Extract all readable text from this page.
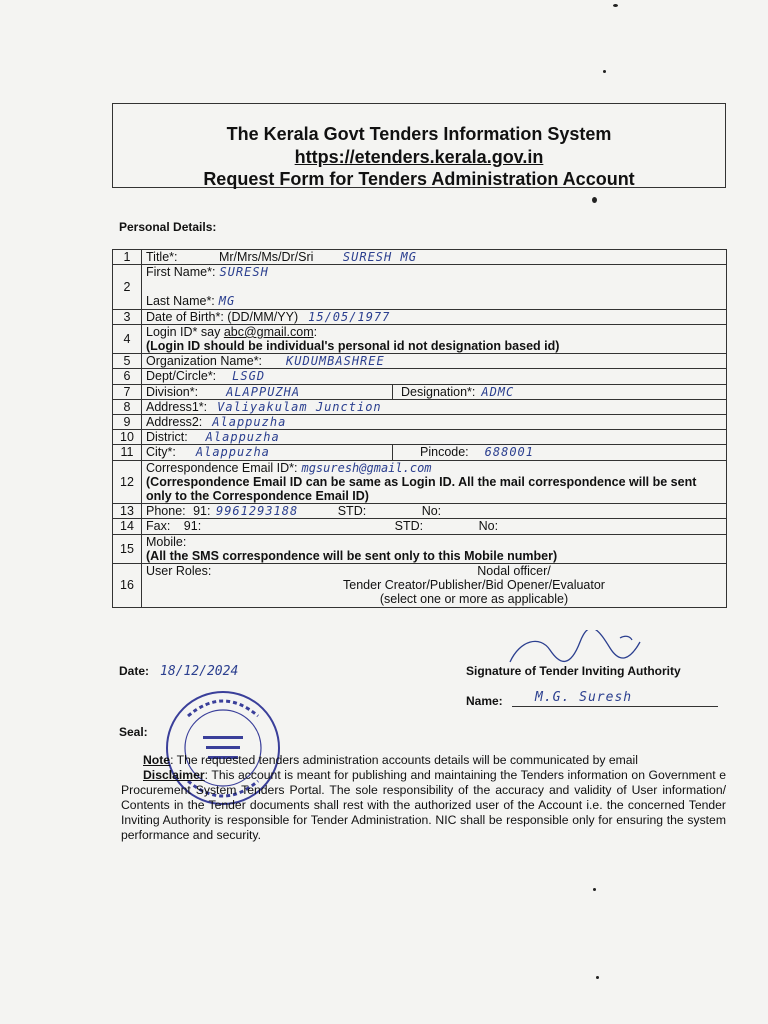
The Kerala Govt Tenders Information System
https://etenders.kerala.gov.in
Request Form for Tenders Administration Account
Personal Details:
1	Title*: Mr/Mrs/Ms/Dr/Sri SURESH MG
2	First Name*: SURESH
Last Name*: MG

3	Date of Birth*: (DD/MM/YY) 15/05/1977
4	Login ID* say abc@gmail.com:
(Login ID should be individual's personal id not designation based id)

5	Organization Name*: KUDUMBASHREE
6	Dept/Circle*: LSGD
7	Division*: ALAPPUZHA Designation*: ADMC

8	Address1*: Valiyakulam Junction
9	Address2: Alappuzha
10	District: Alappuzha
11	City*: Alappuzha Pincode: 688001

12	Correspondence Email ID*: mgsuresh@gmail.com
(Correspondence Email ID can be same as Login ID. All the mail correspondence will be sent only to the Correspondence Email ID)

13	Phone: 91: 9961293188 STD: No:
14	Fax: 91: STD: No:
15	Mobile:
(All the SMS correspondence will be sent only to this Mobile number)

16	User Roles: Nodal officer/
Tender Creator/Publisher/Bid Opener/Evaluator
(select one or more as applicable)
Date: 18/12/2024	Signature of Tender Inviting Authority
Name: M.G. Suresh
Seal:

Note: The requested tenders administration accounts details will be communicated by email

Disclaimer: This account is meant for publishing and maintaining the Tenders information on Government e Procurement System Tenders Portal. The sole responsibility of the accuracy and validity of User information/ Contents in the Tender documents shall rest with the authorized user of the Account i.e. the concerned Tender Inviting Authority is responsible for Tender Administration. NIC shall be responsible only for ensuring the system performance and security.
